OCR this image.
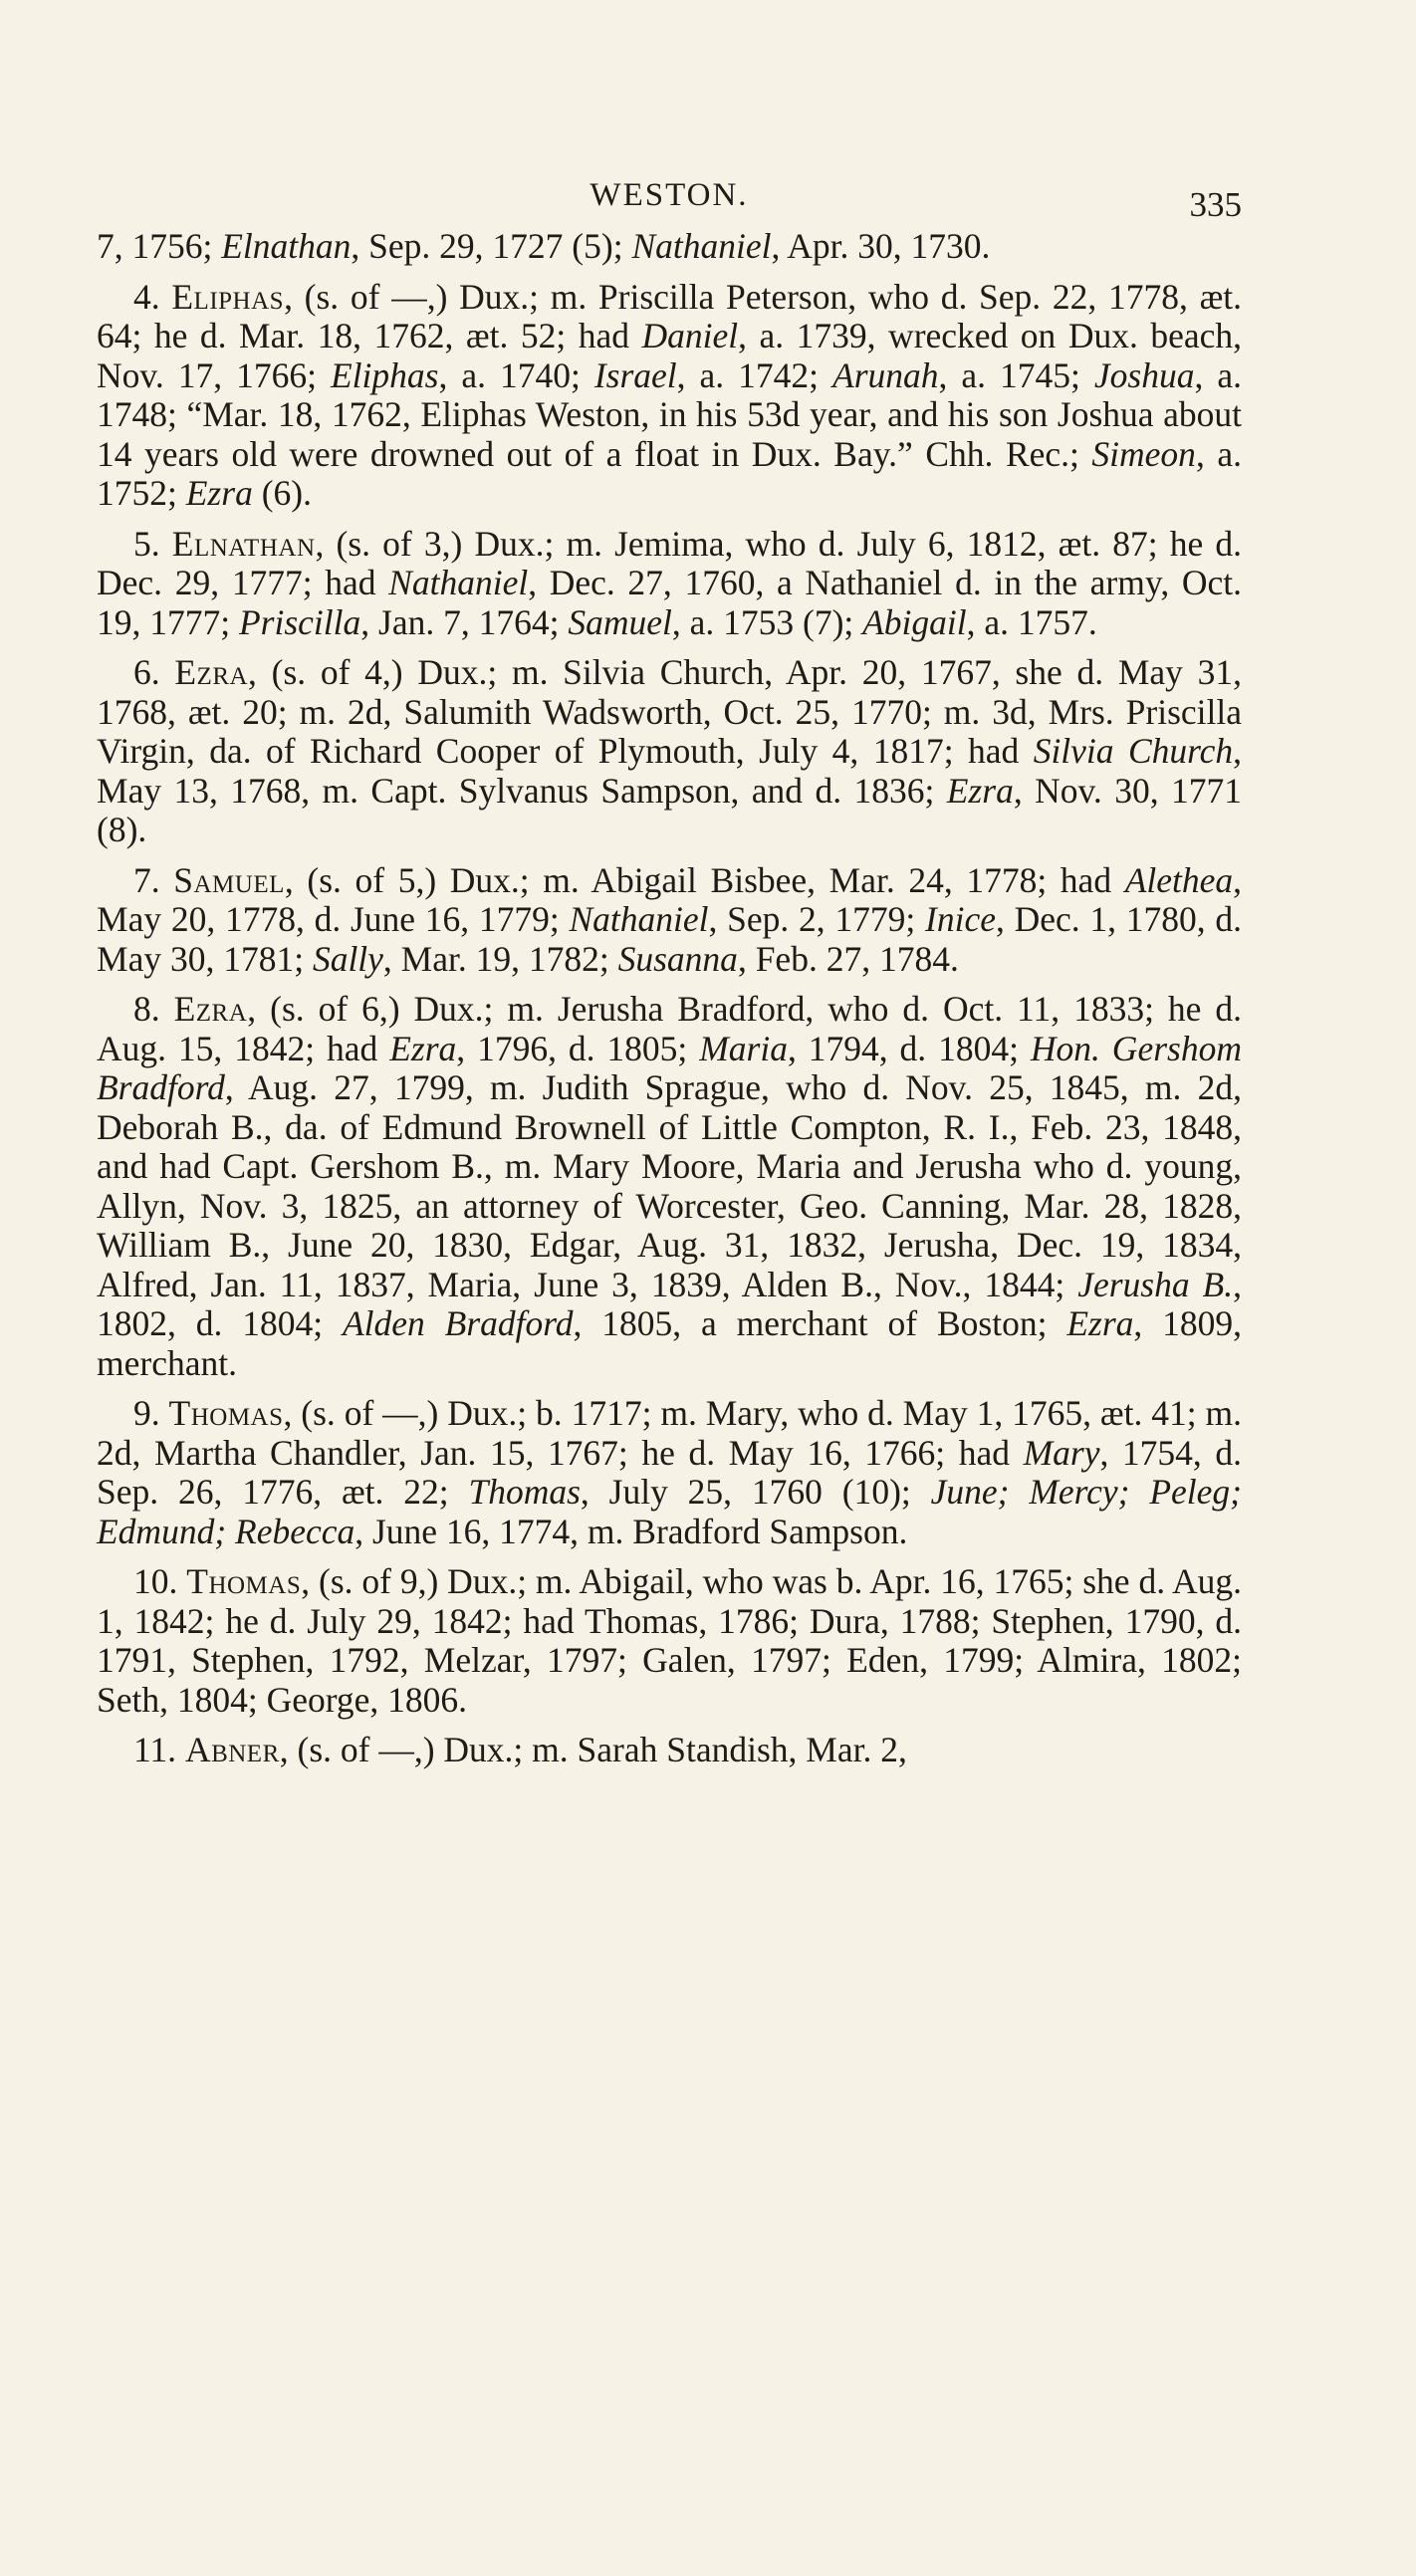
WESTON.	335

7, 1756; Elnathan, Sep. 29, 1727 (5); Nathaniel, Apr. 30, 1730.

4. Eliphas, (s. of —,) Dux.; m. Priscilla Peterson, who d. Sep. 22, 1778, æt. 64; he d. Mar. 18, 1762, æt. 52; had Daniel, a. 1739, wrecked on Dux. beach, Nov. 17, 1766; Eliphas, a. 1740; Israel, a. 1742; Arunah, a. 1745; Joshua, a. 1748; “Mar. 18, 1762, Eliphas Weston, in his 53d year, and his son Joshua about 14 years old were drowned out of a float in Dux. Bay.” Chh. Rec.; Simeon, a. 1752; Ezra (6).

5. Elnathan, (s. of 3,) Dux.; m. Jemima, who d. July 6, 1812, æt. 87; he d. Dec. 29, 1777; had Nathaniel, Dec. 27, 1760, a Nathaniel d. in the army, Oct. 19, 1777; Priscilla, Jan. 7, 1764; Samuel, a. 1753 (7); Abigail, a. 1757.

6. Ezra, (s. of 4,) Dux.; m. Silvia Church, Apr. 20, 1767, she d. May 31, 1768, æt. 20; m. 2d, Salumith Wadsworth, Oct. 25, 1770; m. 3d, Mrs. Priscilla Virgin, da. of Richard Cooper of Plymouth, July 4, 1817; had Silvia Church, May 13, 1768, m. Capt. Sylvanus Sampson, and d. 1836; Ezra, Nov. 30, 1771 (8).

7. Samuel, (s. of 5,) Dux.; m. Abigail Bisbee, Mar. 24, 1778; had Alethea, May 20, 1778, d. June 16, 1779; Nathaniel, Sep. 2, 1779; Inice, Dec. 1, 1780, d. May 30, 1781; Sally, Mar. 19, 1782; Susanna, Feb. 27, 1784.

8. Ezra, (s. of 6,) Dux.; m. Jerusha Bradford, who d. Oct. 11, 1833; he d. Aug. 15, 1842; had Ezra, 1796, d. 1805; Maria, 1794, d. 1804; Hon. Gershom Bradford, Aug. 27, 1799, m. Judith Sprague, who d. Nov. 25, 1845, m. 2d, Deborah B., da. of Edmund Brownell of Little Compton, R. I., Feb. 23, 1848, and had Capt. Gershom B., m. Mary Moore, Maria and Jerusha who d. young, Allyn, Nov. 3, 1825, an attorney of Worcester, Geo. Canning, Mar. 28, 1828, William B., June 20, 1830, Edgar, Aug. 31, 1832, Jerusha, Dec. 19, 1834, Alfred, Jan. 11, 1837, Maria, June 3, 1839, Alden B., Nov., 1844; Jerusha B., 1802, d. 1804; Alden Bradford, 1805, a merchant of Boston; Ezra, 1809, merchant.

9. Thomas, (s. of —,) Dux.; b. 1717; m. Mary, who d. May 1, 1765, æt. 41; m. 2d, Martha Chandler, Jan. 15, 1767; he d. May 16, 1766; had Mary, 1754, d. Sep. 26, 1776, æt. 22; Thomas, July 25, 1760 (10); June; Mercy; Peleg; Edmund; Rebecca, June 16, 1774, m. Bradford Sampson.

10. Thomas, (s. of 9,) Dux.; m. Abigail, who was b. Apr. 16, 1765; she d. Aug. 1, 1842; he d. July 29, 1842; had Thomas, 1786; Dura, 1788; Stephen, 1790, d. 1791, Stephen, 1792, Melzar, 1797; Galen, 1797; Eden, 1799; Almira, 1802; Seth, 1804; George, 1806.

11. Abner, (s. of —,) Dux.; m. Sarah Standish, Mar. 2,
